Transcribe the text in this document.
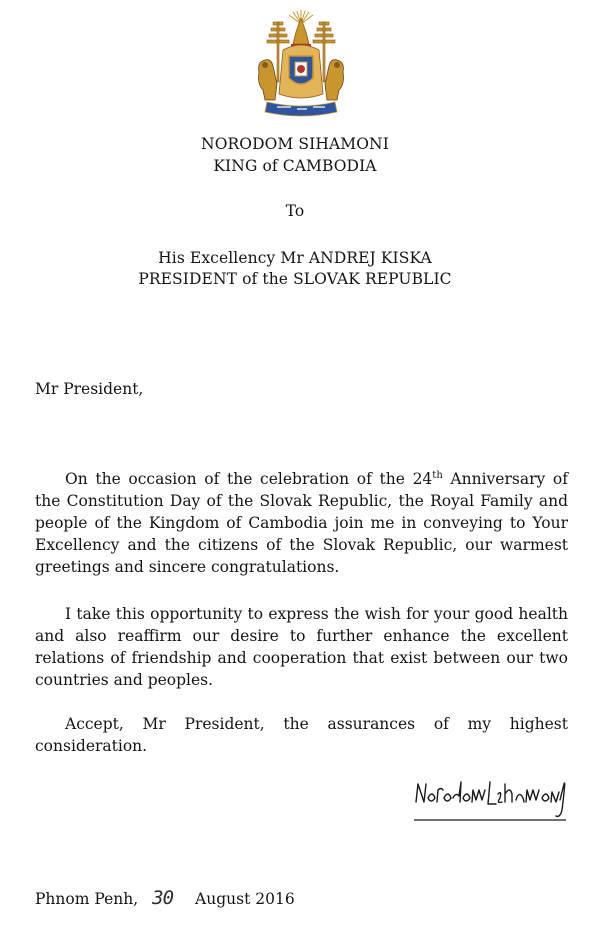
NORODOM SIHAMONI
KING of CAMBODIA
To
His Excellency Mr ANDREJ KISKA
PRESIDENT of the SLOVAK REPUBLIC
Mr President,
On the occasion of the celebration of the 24th Anniversary of the Constitution Day of the Slovak Republic, the Royal Family and people of the Kingdom of Cambodia join me in conveying to Your Excellency and the citizens of the Slovak Republic, our warmest greetings and sincere congratulations.
I take this opportunity to express the wish for your good health and also reaffirm our desire to further enhance the excellent relations of friendship and cooperation that exist between our two countries and peoples.
Accept, Mr President, the assurances of my highest consideration.
Phnom Penh, 30 August 2016
